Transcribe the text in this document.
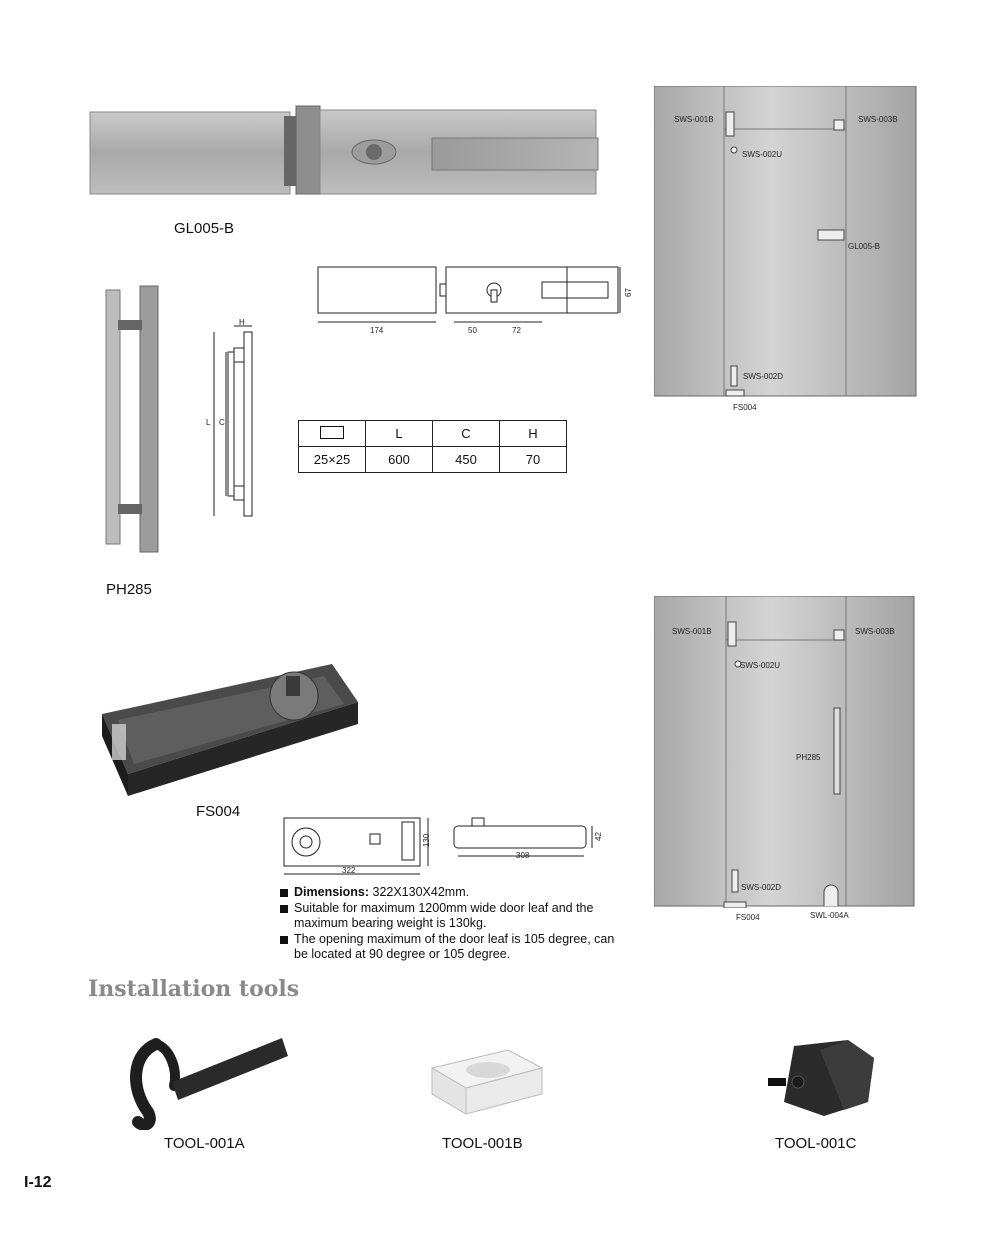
GL005-B
174	50	72
67
PH285
H
L C
	L	C	H
25×25	600	450	70
SWS-001B	SWS-003B
SWS-002U
GL005-B
SWS-002D
FS004
SWS-001B	SWS-003B
SWS-002U
PH285
SWS-002D
FS004	SWL-004A
FS004
130
322
42
308
Dimensions: 322X130X42mm.
Suitable for maximum 1200mm wide door leaf and the maximum bearing weight is 130kg.
The opening maximum of the door leaf is 105 degree, can be located at 90 degree or 105 degree.
Installation tools
TOOL-001A	TOOL-001B	TOOL-001C
I-12
